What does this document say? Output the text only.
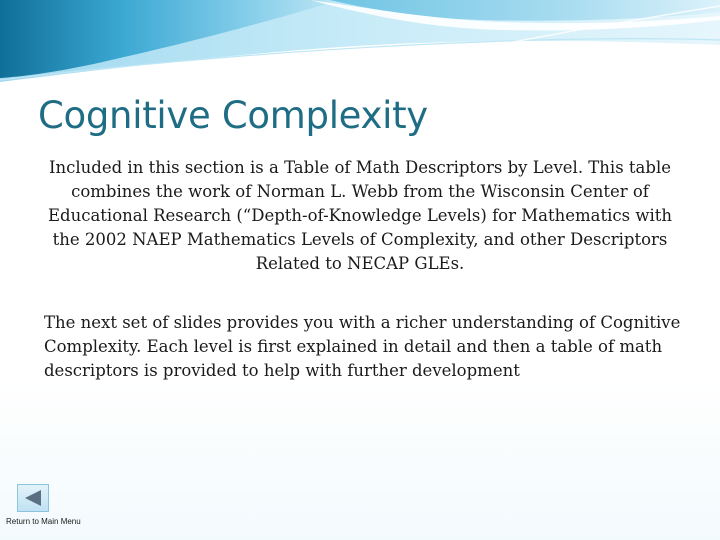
Cognitive Complexity

Included in this section is a Table of Math Descriptors by Level. This table combines the work of Norman L. Webb from the Wisconsin Center of Educational Research (“Depth-of-Knowledge Levels) for Mathematics with the 2002 NAEP Mathematics Levels of Complexity, and other Descriptors Related to NECAP GLEs.

The next set of slides provides you with a richer understanding of Cognitive Complexity. Each level is first explained in detail and then a table of math descriptors is provided to help with further development

Return to Main Menu
